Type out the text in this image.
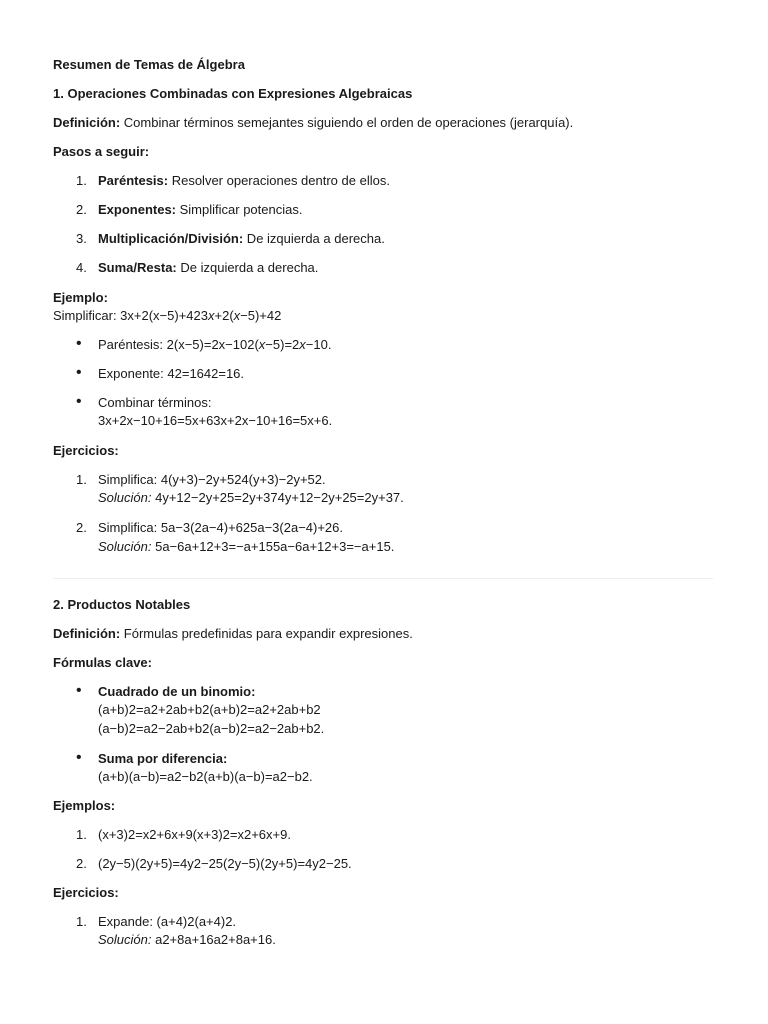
Resumen de Temas de Álgebra

1. Operaciones Combinadas con Expresiones Algebraicas

Definición: Combinar términos semejantes siguiendo el orden de operaciones (jerarquía).

Pasos a seguir:

1. Paréntesis: Resolver operaciones dentro de ellos.

2. Exponentes: Simplificar potencias.

3. Multiplicación/División: De izquierda a derecha.

4. Suma/Resta: De izquierda a derecha.

Ejemplo:

Simplificar: 3x+2(x−5)+423x+2(x−5)+42

• Paréntesis: 2(x−5)=2x−102(x−5)=2x−10.

• Exponente: 42=1642=16.

• Combinar términos:

3x+2x−10+16=5x+63x+2x−10+16=5x+6.

Ejercicios:

1. Simplifica: 4(y+3)−2y+524(y+3)−2y+52.

Solución: 4y+12−2y+25=2y+374y+12−2y+25=2y+37.

2. Simplifica: 5a−3(2a−4)+625a−3(2a−4)+26.

Solución: 5a−6a+12+3=−a+155a−6a+12+3=−a+15.

2. Productos Notables

Definición: Fórmulas predefinidas para expandir expresiones.

Fórmulas clave:

• Cuadrado de un binomio:

(a+b)2=a2+2ab+b2(a+b)2=a2+2ab+b2

(a−b)2=a2−2ab+b2(a−b)2=a2−2ab+b2.

• Suma por diferencia:

(a+b)(a−b)=a2−b2(a+b)(a−b)=a2−b2.

Ejemplos:

1. (x+3)2=x2+6x+9(x+3)2=x2+6x+9.

2. (2y−5)(2y+5)=4y2−25(2y−5)(2y+5)=4y2−25.

Ejercicios:

1. Expande: (a+4)2(a+4)2.

Solución: a2+8a+16a2+8a+16.
